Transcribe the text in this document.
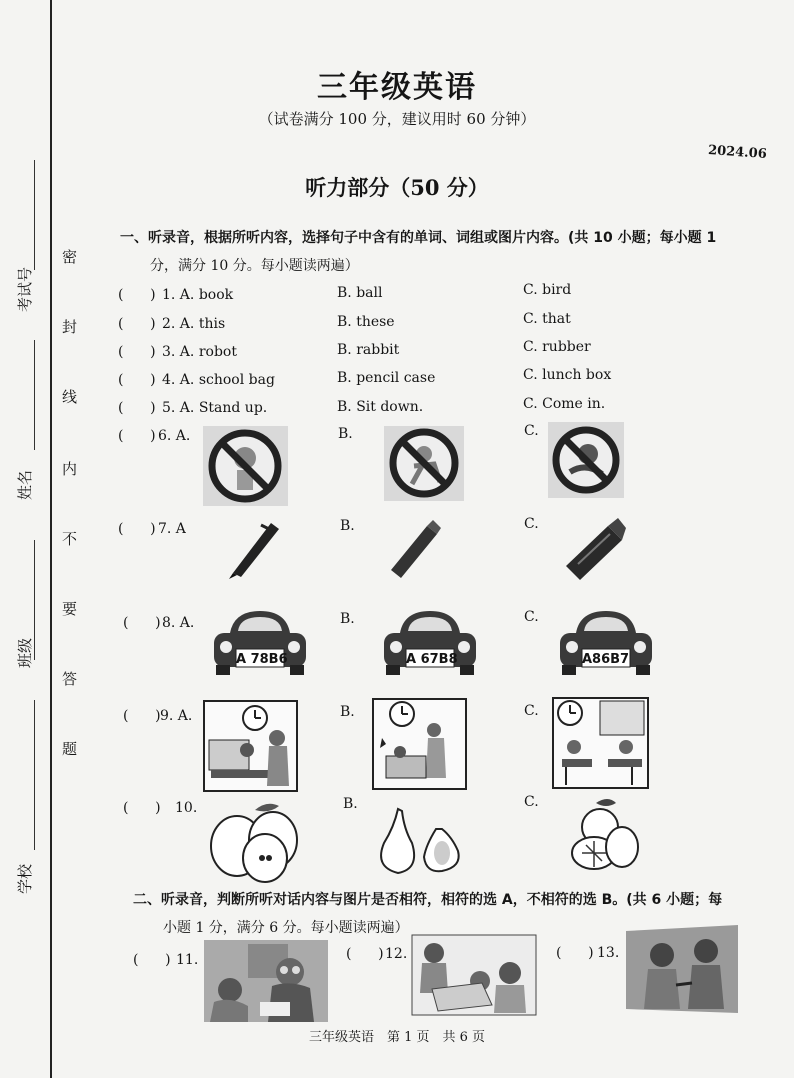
考试号
姓名
班级
学校
密
封
线
内
不
要
答
题
三年级英语
（试卷满分 100 分，建议用时 60 分钟）
2024.06
听力部分（50 分）
一、听录音，根据所听内容，选择句子中含有的单词、词组或图片内容。(共 10 小题；每小题 1
分，满分 10 分。每小题读两遍）
( ) 1. A. book	B. ball	C. bird
( ) 2. A. this	B. these	C. that
( ) 3. A. robot	B. rabbit	C. rubber
( ) 4. A. school bag	B. pencil case	C. lunch box
( ) 5. A. Stand up.	B. Sit down.	C. Come in.
( ) 6. A.	B.	C.
( ) 7. A	B.	C.
( ) 8. A.	B.	C.
A 78B6	A 67B8	A86B7
( ) 9. A.	B.	C.
( ) 10.	B.	C.
二、听录音，判断所听对话内容与图片是否相符，相符的选 A，不相符的选 B。(共 6 小题；每
小题 1 分，满分 6 分。每小题读两遍）
( ) 11.	( ) 12.	( ) 13.
三年级英语　第 1 页　共 6 页
